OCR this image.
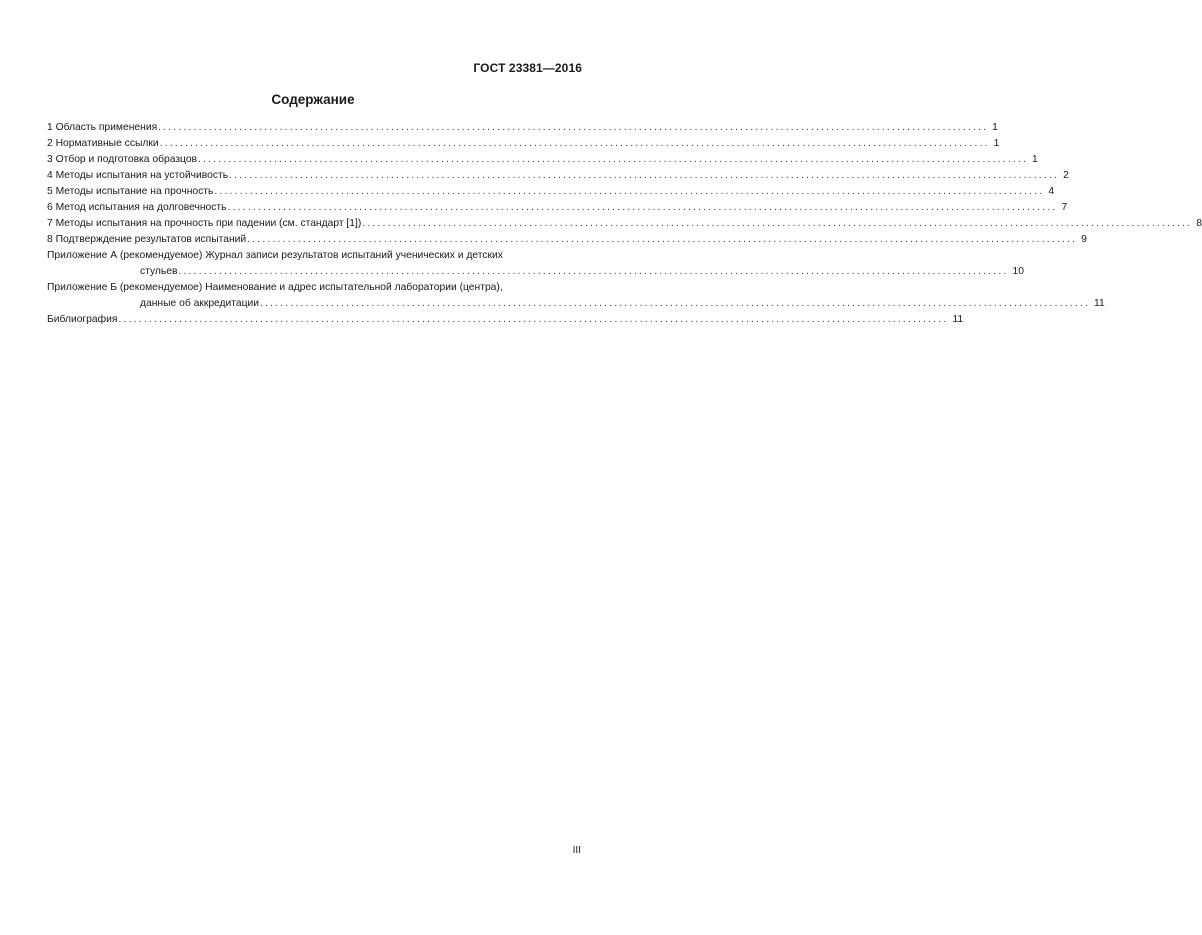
ГОСТ 23381—2016
Содержание
1 Область применения .................................................................................................................................................................... 1
2 Нормативные ссылки .................................................................................................................................................................... 1
3 Отбор и подготовка образцов .................................................................................................................................................................... 1
4 Методы испытания на устойчивость .................................................................................................................................................................... 2
5 Методы испытание на прочность .................................................................................................................................................................... 4
6 Метод испытания на долговечность .................................................................................................................................................................... 7
7 Методы испытания на прочность при падении (см. стандарт [1]) .................................................................................................................................................................... 8
8 Подтверждение результатов испытаний .................................................................................................................................................................... 9
Приложение А (рекомендуемое) Журнал записи результатов испытаний ученических и детских
стульев .................................................................................................................................................................... 10
Приложение Б (рекомендуемое) Наименование и адрес испытательной лаборатории (центра),
данные об аккредитации .................................................................................................................................................................... 11
Библиография .................................................................................................................................................................... 11
III
